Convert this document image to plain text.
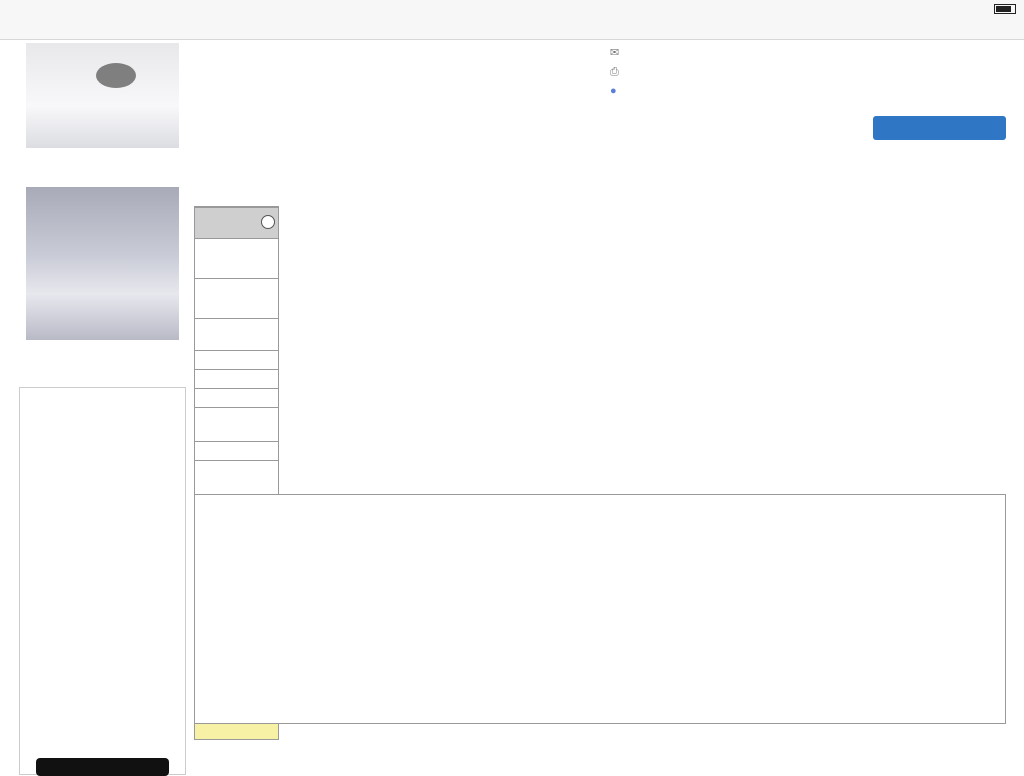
✉
⎙
●
